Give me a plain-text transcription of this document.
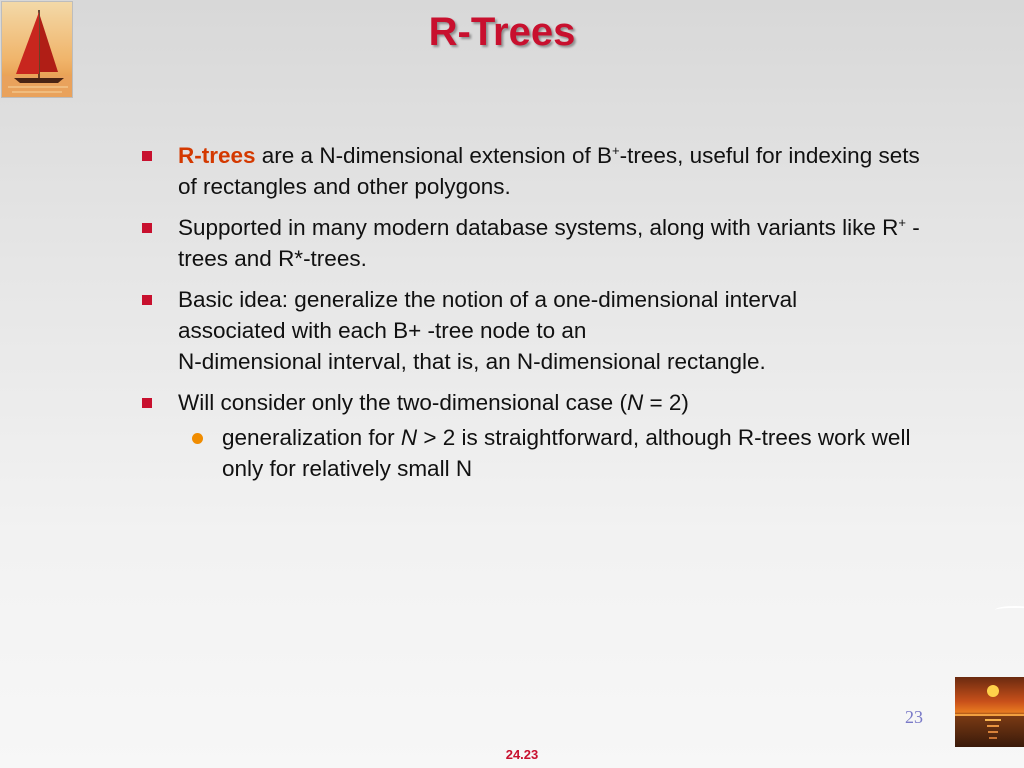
R-Trees
R-trees are a N-dimensional extension of B+-trees, useful for indexing sets of rectangles and other polygons.
Supported in many modern database systems, along with variants like R+ -trees and R*-trees.
Basic idea: generalize the notion of a one-dimensional interval associated with each B+ -tree node to an
N-dimensional interval, that is, an N-dimensional rectangle.
Will consider only the two-dimensional case (N = 2)
generalization for N > 2 is straightforward, although R-trees work well only for relatively small N
23
24.23
